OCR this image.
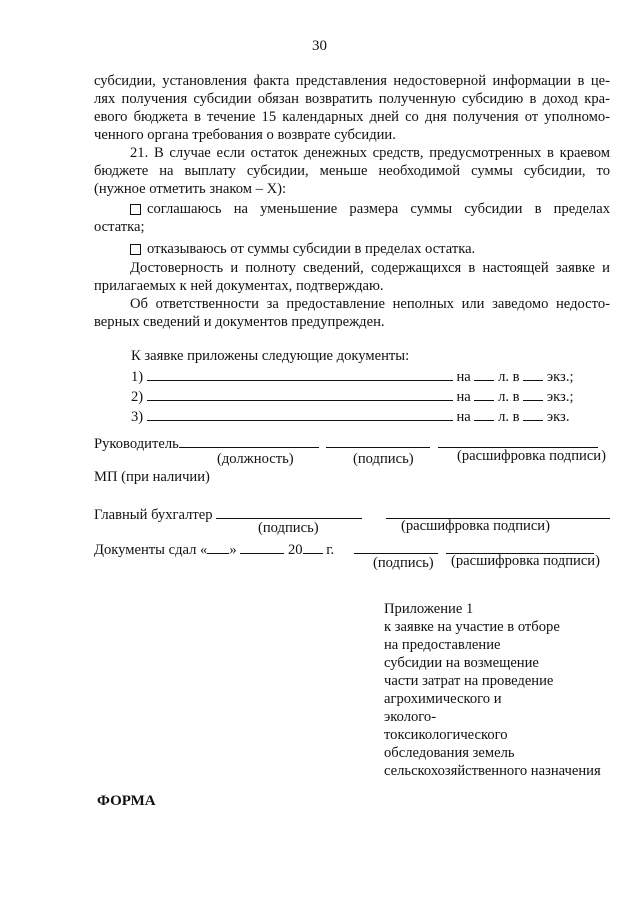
30
субсидии, установления факта представления недостоверной информации в це-
лях получения субсидии обязан возвратить полученную субсидию в доход кра-
евого бюджета в течение 15 календарных дней со дня получения от уполномо-
ченного органа требования о возврате субсидии.
21. В случае если остаток денежных средств, предусмотренных в краевом
бюджете на выплату субсидии, меньше необходимой суммы субсидии, то
(нужное отметить знаком – X):
соглашаюсь на уменьшение размера суммы субсидии в пределах
остатка;
отказываюсь от суммы субсидии в пределах остатка.
Достоверность и полноту сведений, содержащихся в настоящей заявке и
прилагаемых к ней документах, подтверждаю.
Об ответственности за предоставление неполных или заведомо недосто-
верных сведений и документов предупрежден.
К заявке приложены следующие документы:
1)	на л. в экз.;
2)	на л. в экз.;
3)	на л. в экз.
Руководитель
(должность)	(подпись)	(расшифровка подписи)
МП (при наличии)
Главный бухгалтер
(подпись)	(расшифровка подписи)
Документы сдал « »	20 г.
(подпись) (расшифровка подписи)
Приложение 1
к заявке на участие в отборе
на предоставление
субсидии на возмещение
части затрат на проведение
агрохимического и
эколого-
токсикологического
обследования земель
сельскохозяйственного назначения
ФОРМА
